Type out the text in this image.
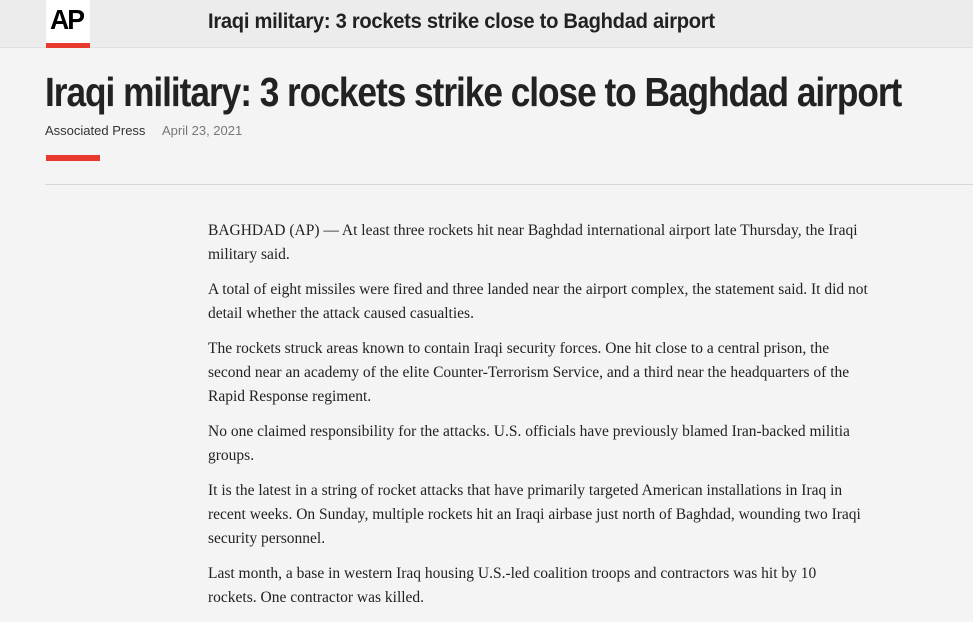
AP	Iraqi military: 3 rockets strike close to Baghdad airport
Iraqi military: 3 rockets strike close to Baghdad airport
Associated Press April 23, 2021

BAGHDAD (AP) — At least three rockets hit near Baghdad international airport late Thursday, the Iraqi military said.

A total of eight missiles were fired and three landed near the airport complex, the statement said. It did not detail whether the attack caused casualties.

The rockets struck areas known to contain Iraqi security forces. One hit close to a central prison, the second near an academy of the elite Counter-Terrorism Service, and a third near the headquarters of the Rapid Response regiment.

No one claimed responsibility for the attacks. U.S. officials have previously blamed Iran-backed militia groups.

It is the latest in a string of rocket attacks that have primarily targeted American installations in Iraq in recent weeks. On Sunday, multiple rockets hit an Iraqi airbase just north of Baghdad, wounding two Iraqi security personnel.

Last month, a base in western Iraq housing U.S.-led coalition troops and contractors was hit by 10 rockets. One contractor was killed.
